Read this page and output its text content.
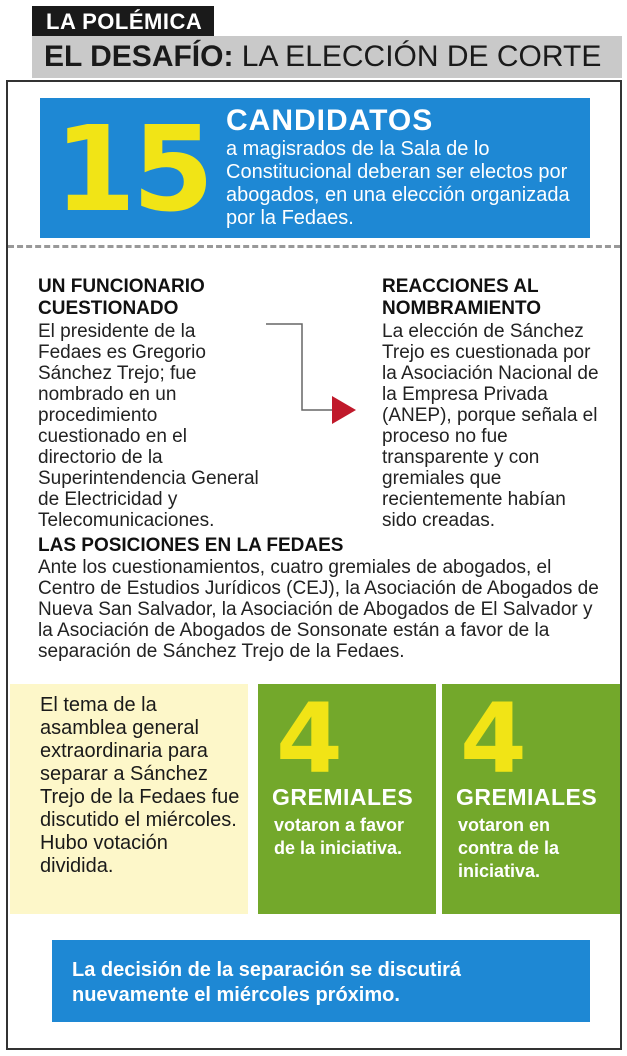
LA POLÉMICA
EL DESAFÍO: LA ELECCIÓN DE CORTE
15 CANDIDATOS
a magisrados de la Sala de lo Constitucional deberan ser electos por abogados, en una elección organizada por la Fedaes.
UN FUNCIONARIO
CUESTIONADO
El presidente de la Fedaes es Gregorio Sánchez Trejo; fue nombrado en un procedimiento cuestionado en el directorio de la Superintendencia General de Electricidad y Telecomunicaciones.
REACCIONES AL
NOMBRAMIENTO
La elección de Sánchez Trejo es cuestionada por la Asociación Nacional de la Empresa Privada (ANEP), porque señala el proceso no fue transparente y con gremiales que recientemente habían sido creadas.
LAS POSICIONES EN LA FEDAES
Ante los cuestionamientos, cuatro gremiales de abogados, el Centro de Estudios Jurídicos (CEJ), la Asociación de Abogados de Nueva San Salvador, la Asociación de Abogados de El Salvador y la Asociación de Abogados de Sonsonate están a favor de la separación de Sánchez Trejo de la Fedaes.
El tema de la asamblea general extraordinaria para separar a Sánchez Trejo de la Fedaes fue discutido el miércoles. Hubo votación dividida.
4
GREMIALES
votaron a favor de la iniciativa.
4
GREMIALES
votaron en contra de la iniciativa.
La decisión de la separación se discutirá nuevamente el miércoles próximo.
